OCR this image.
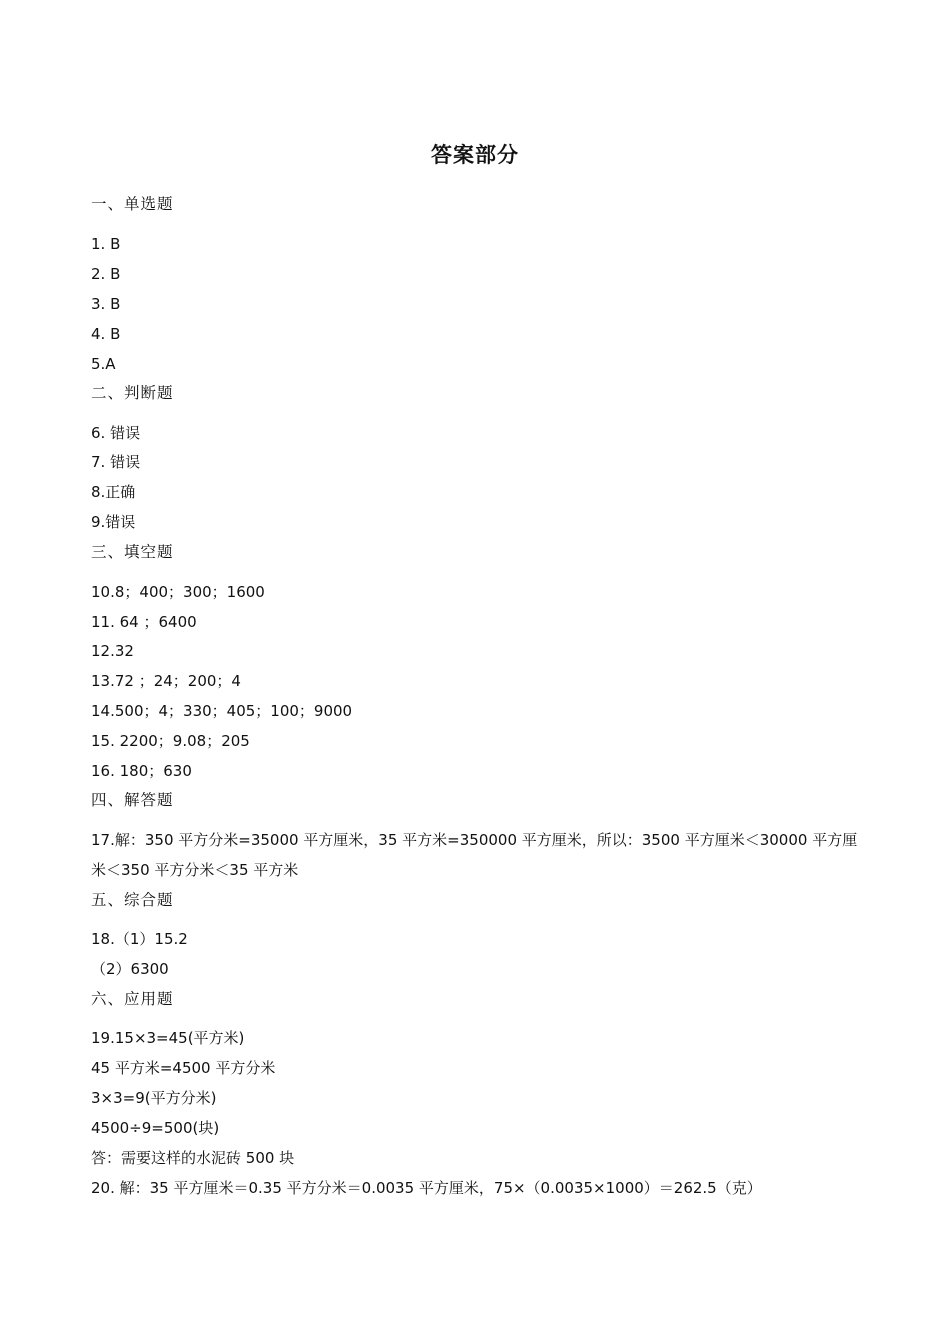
答案部分
一、单选题
1. B
2. B
3. B
4. B
5.A
二、判断题
6. 错误
7. 错误
8.正确
9.错误
三、填空题
10.8；400；300；1600
11. 64 ；6400
12.32
13.72 ；24；200；4
14.500；4；330；405；100；9000
15. 2200；9.08；205
16. 180；630
四、解答题
17.解：350 平方分米=35000 平方厘米，35 平方米=350000 平方厘米，所以：3500 平方厘米＜30000 平方厘米＜350 平方分米＜35 平方米
五、综合题
18.（1）15.2
（2）6300
六、应用题
19.15×3=45(平方米)
45 平方米=4500 平方分米
3×3=9(平方分米)
4500÷9=500(块)
答：需要这样的水泥砖 500 块
20. 解：35 平方厘米＝0.35 平方分米＝0.0035 平方厘米，75×（0.0035×1000）＝262.5（克）
